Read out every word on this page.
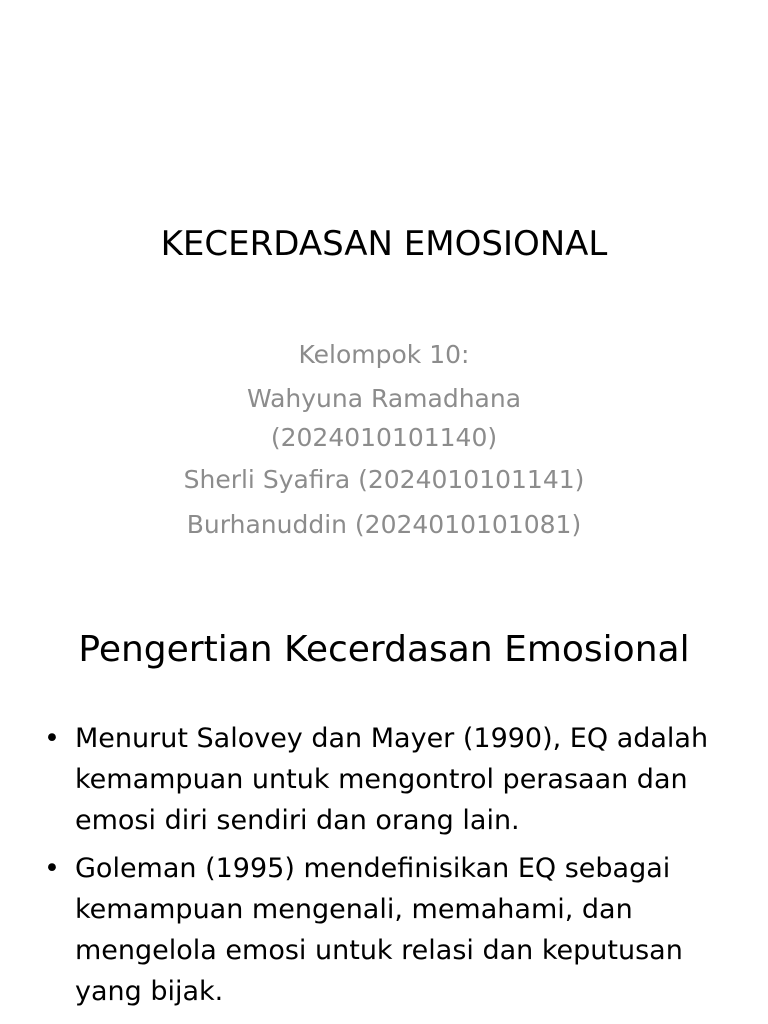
KECERDASAN EMOSIONAL
Kelompok 10:
Wahyuna Ramadhana
(2024010101140)
Sherli Syafira (2024010101141)
Burhanuddin (2024010101081)
Pengertian Kecerdasan Emosional
• Menurut Salovey dan Mayer (1990), EQ adalah
kemampuan untuk mengontrol perasaan dan
emosi diri sendiri dan orang lain.
• Goleman (1995) mendefinisikan EQ sebagai
kemampuan mengenali, memahami, dan
mengelola emosi untuk relasi dan keputusan
yang bijak.
